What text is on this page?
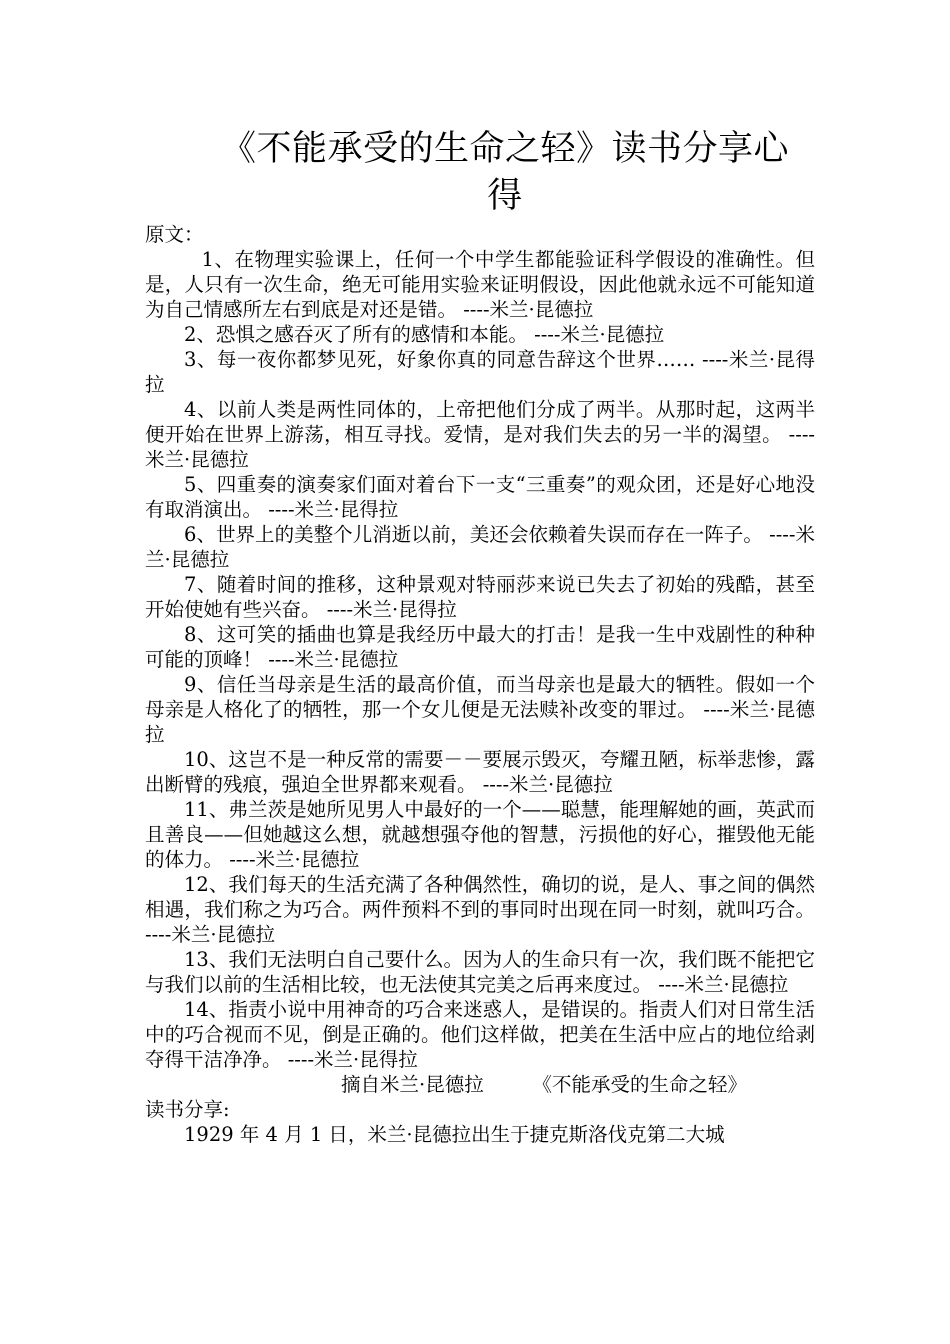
《不能承受的生命之轻》读书分享心
得
原文：
1、在物理实验课上，任何一个中学生都能验证科学假设的准确性。但是，人只有一次生命，绝无可能用实验来证明假设，因此他就永远不可能知道为自己情感所左右到底是对还是错。 ----米兰·昆德拉
2、恐惧之感吞灭了所有的感情和本能。 ----米兰·昆德拉
3、每一夜你都梦见死，好象你真的同意告辞这个世界…… ----米兰·昆得拉
4、以前人类是两性同体的，上帝把他们分成了两半。从那时起，这两半便开始在世界上游荡，相互寻找。爱情，是对我们失去的另一半的渴望。 ----米兰·昆德拉
5、四重奏的演奏家们面对着台下一支“三重奏”的观众团，还是好心地没有取消演出。 ----米兰·昆得拉
6、世界上的美整个儿消逝以前，美还会依赖着失误而存在一阵子。 ----米兰·昆德拉
7、随着时间的推移，这种景观对特丽莎来说已失去了初始的残酷，甚至开始使她有些兴奋。 ----米兰·昆得拉
8、这可笑的插曲也算是我经历中最大的打击！是我一生中戏剧性的种种可能的顶峰！ ----米兰·昆德拉
9、信任当母亲是生活的最高价值，而当母亲也是最大的牺牲。假如一个母亲是人格化了的牺牲，那一个女儿便是无法赎补改变的罪过。 ----米兰·昆德拉
10、这岂不是一种反常的需要－－要展示毁灭，夸耀丑陋，标举悲惨，露出断臂的残痕，强迫全世界都来观看。 ----米兰·昆德拉
11、弗兰茨是她所见男人中最好的一个——聪慧，能理解她的画，英武而且善良——但她越这么想，就越想强夺他的智慧，污损他的好心，摧毁他无能的体力。 ----米兰·昆德拉
12、我们每天的生活充满了各种偶然性，确切的说，是人、事之间的偶然相遇，我们称之为巧合。两件预料不到的事同时出现在同一时刻，就叫巧合。 ----米兰·昆德拉
13、我们无法明白自己要什么。因为人的生命只有一次，我们既不能把它与我们以前的生活相比较，也无法使其完美之后再来度过。 ----米兰·昆德拉
14、指责小说中用神奇的巧合来迷惑人，是错误的。指责人们对日常生活中的巧合视而不见，倒是正确的。他们这样做，把美在生活中应占的地位给剥夺得干洁净净。 ----米兰·昆得拉
摘自米兰·昆德拉　　　《不能承受的生命之轻》
读书分享:
1929 年 4 月 1 日，米兰·昆德拉出生于捷克斯洛伐克第二大城
